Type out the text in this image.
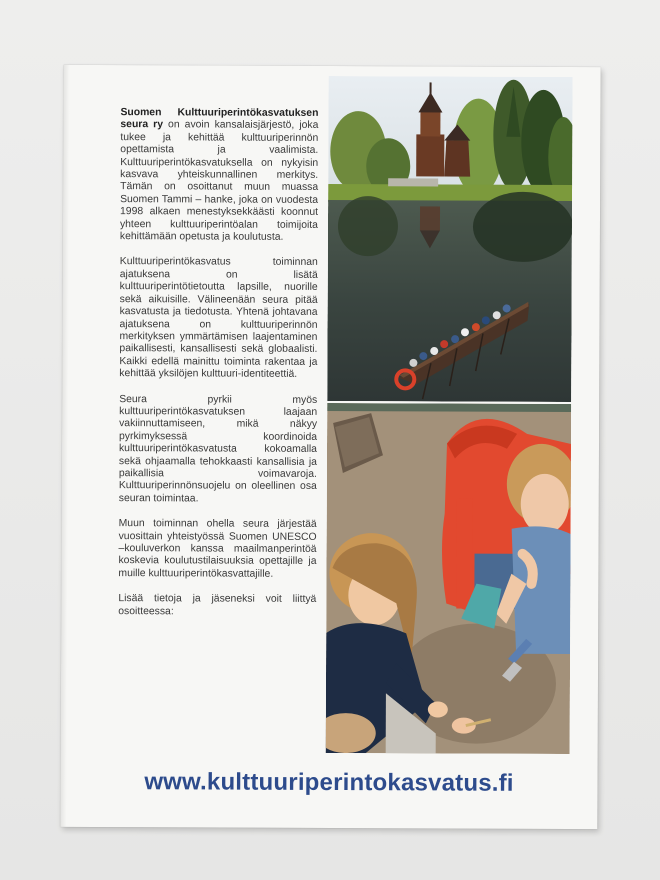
Suomen Kulttuuriperintökasvatuksen seura ry on avoin kansalaisjärjestö, joka tukee ja kehittää kulttuuriperinnön opettamista ja vaalimista. Kulttuuriperintökasvatuksella on nykyisin kasvava yhteiskunnallinen merkitys. Tämän on osoittanut muun muassa Suomen Tammi – hanke, joka on vuodesta 1998 alkaen menestyksekkäästi koonnut yhteen kulttuuriperintöalan toimijoita kehittämään opetusta ja koulutusta.

Kulttuuriperintökasvatus toiminnan ajatuksena on lisätä kulttuuriperintötietoutta lapsille, nuorille sekä aikuisille. Välineenään seura pitää kasvatusta ja tiedotusta. Yhtenä johtavana ajatuksena on kulttuuriperinnön merkityksen ymmärtämisen laajentaminen paikallisesti, kansallisesti sekä globaalisti. Kaikki edellä mainittu toiminta rakentaa ja kehittää yksilöjen kulttuuri-identiteettiä.

Seura pyrkii myös kulttuuriperintökasvatuksen laajaan vakiinnuttamiseen, mikä näkyy pyrkimyksessä koordinoida kulttuuriperintökasvatusta kokoamalla sekä ohjaamalla tehokkaasti kansallisia ja paikallisia voimavaroja. Kulttuuriperinnönsuojelu on oleellinen osa seuran toimintaa.

Muun toiminnan ohella seura järjestää vuosittain yhteistyössä Suomen UNESCO –kouluverkon kanssa maailmanperintöä koskevia koulutustilaisuuksia opettajille ja muille kulttuuriperintökasvattajille.

Lisää tietoja ja jäseneksi voit liittyä osoitteessa:

www.kulttuuriperintokasvatus.fi
